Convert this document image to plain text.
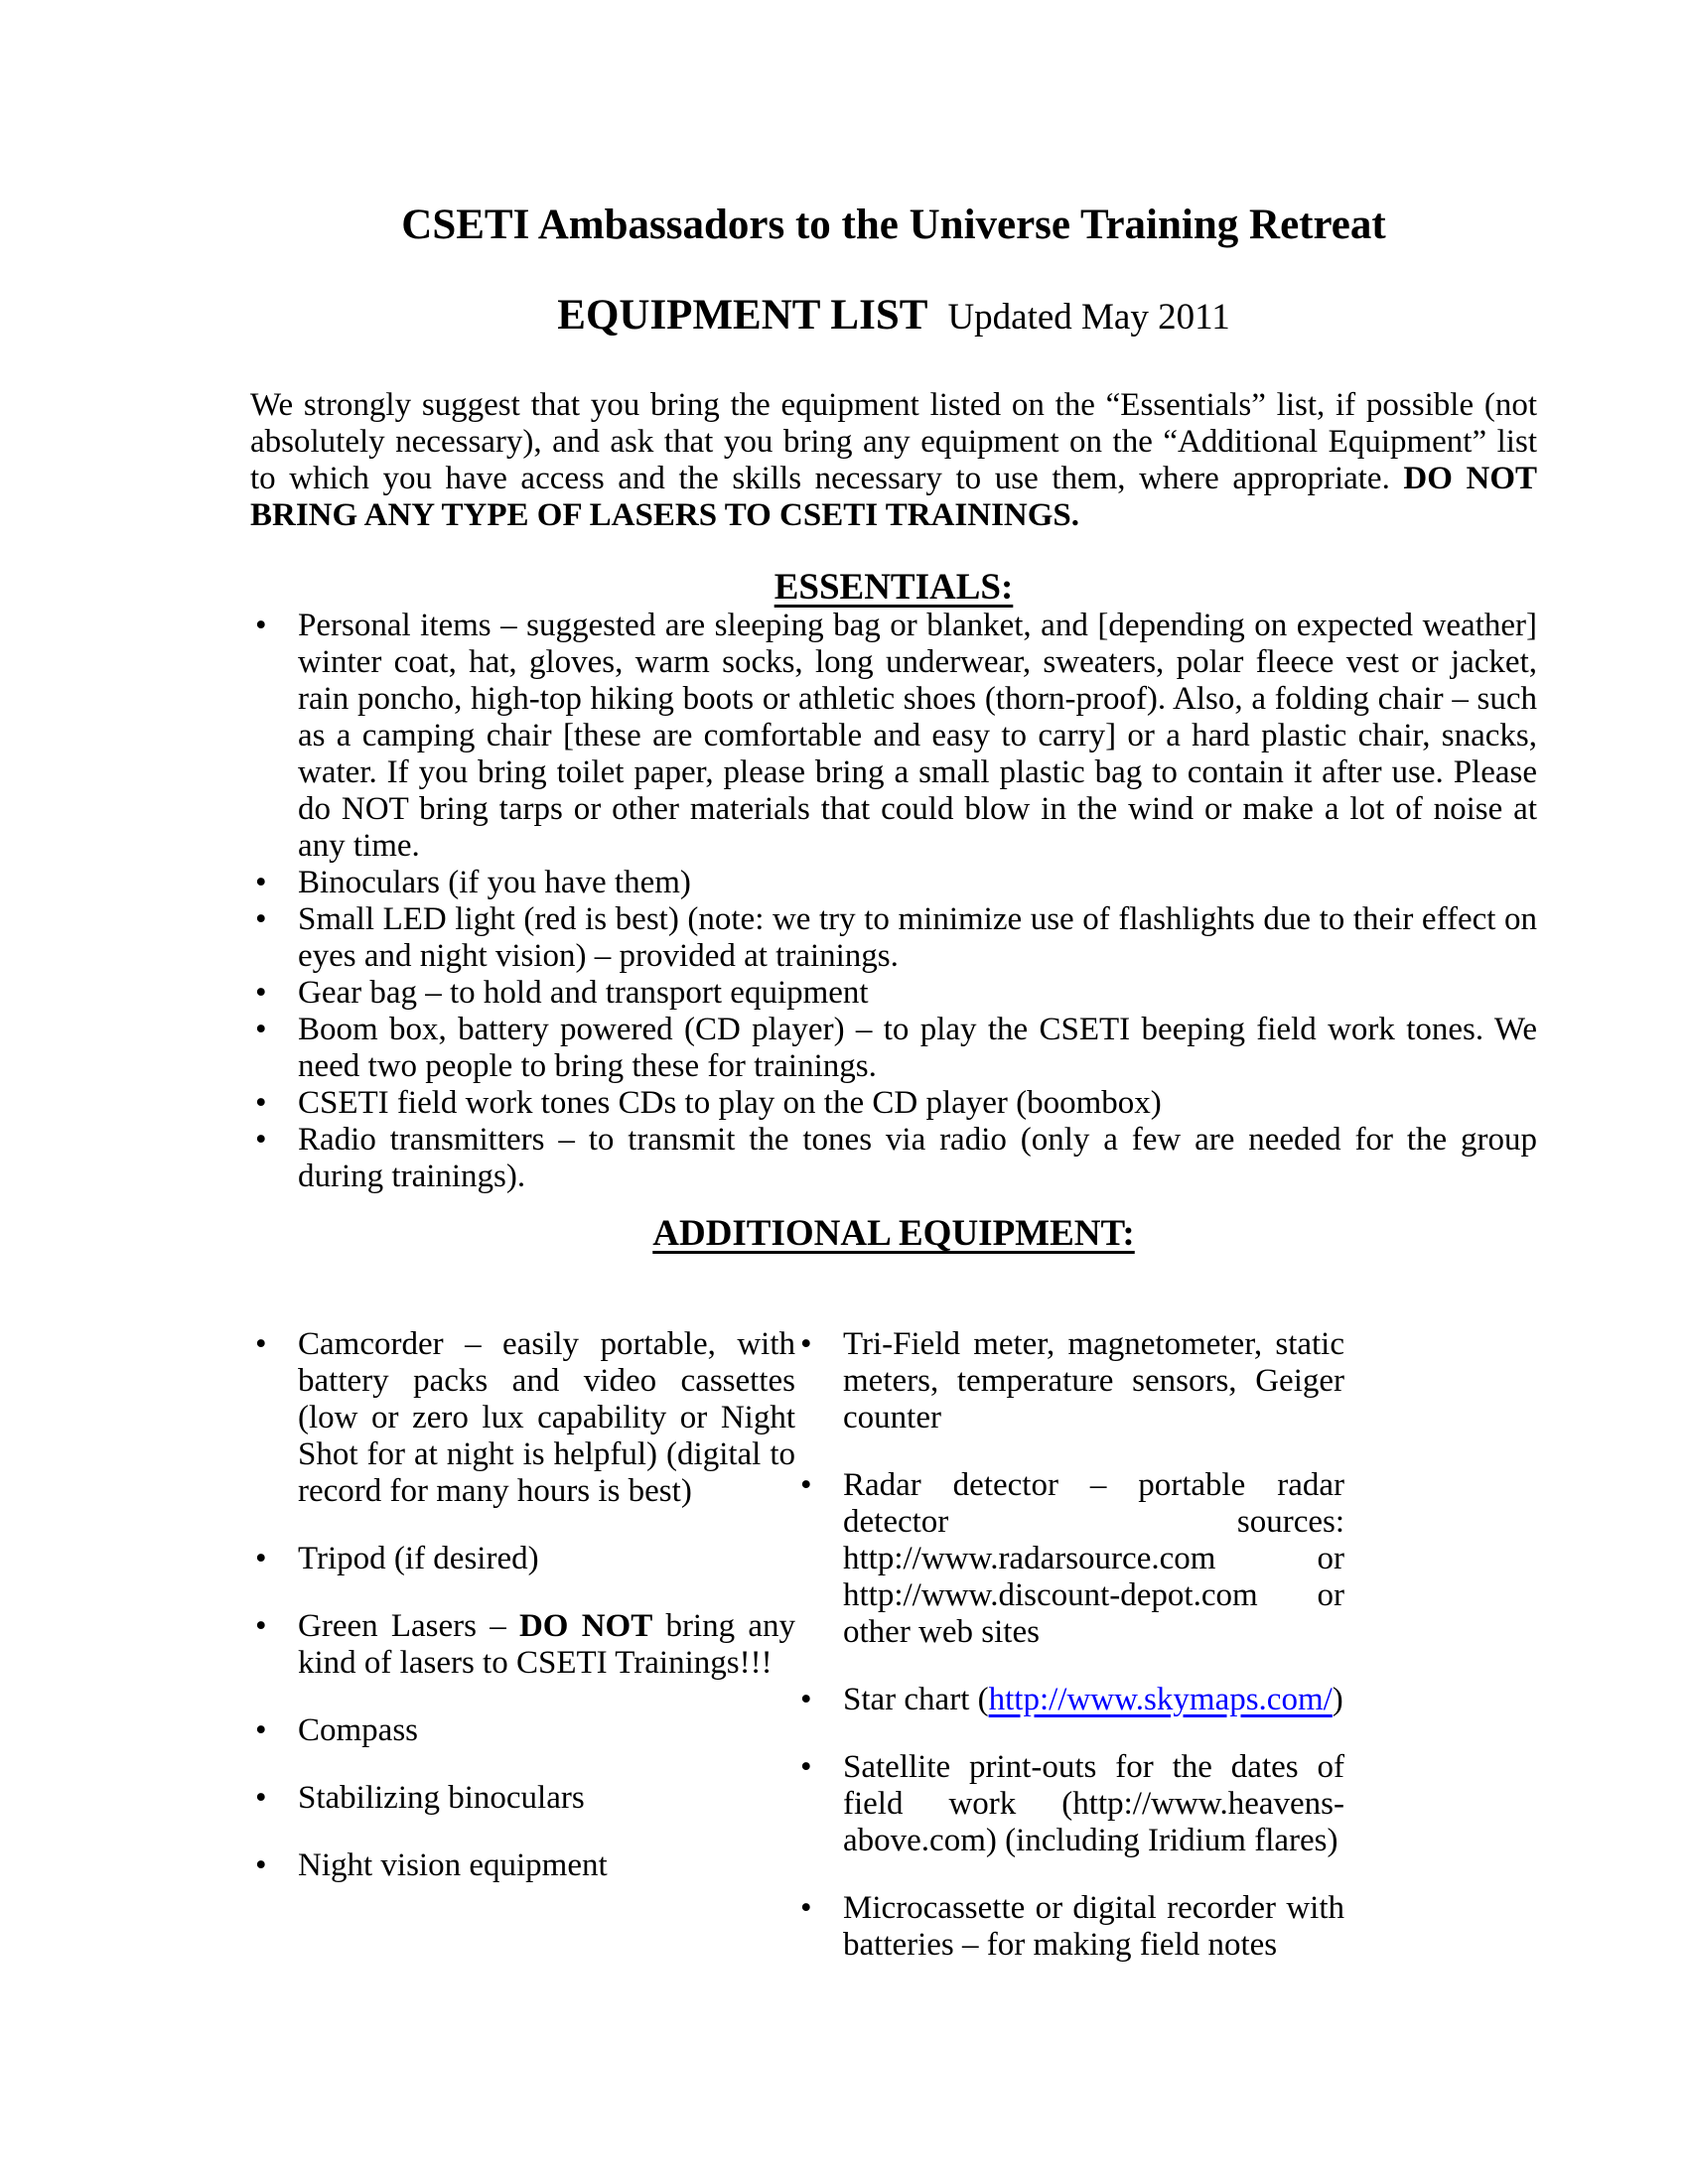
CSETI Ambassadors to the Universe Training Retreat
EQUIPMENT LIST Updated May 2011

We strongly suggest that you bring the equipment listed on the “Essentials” list, if possible (not absolutely necessary), and ask that you bring any equipment on the “Additional Equipment” list to which you have access and the skills necessary to use them, where appropriate. DO NOT BRING ANY TYPE OF LASERS TO CSETI TRAININGS.

ESSENTIALS:
• Personal items – suggested are sleeping bag or blanket, and [depending on expected weather] winter coat, hat, gloves, warm socks, long underwear, sweaters, polar fleece vest or jacket, rain poncho, high-top hiking boots or athletic shoes (thorn-proof). Also, a folding chair – such as a camping chair [these are comfortable and easy to carry] or a hard plastic chair, snacks, water. If you bring toilet paper, please bring a small plastic bag to contain it after use. Please do NOT bring tarps or other materials that could blow in the wind or make a lot of noise at any time.
• Binoculars (if you have them)
• Small LED light (red is best) (note: we try to minimize use of flashlights due to their effect on eyes and night vision) – provided at trainings.
• Gear bag – to hold and transport equipment
• Boom box, battery powered (CD player) – to play the CSETI beeping field work tones. We need two people to bring these for trainings.
• CSETI field work tones CDs to play on the CD player (boombox)
• Radio transmitters – to transmit the tones via radio (only a few are needed for the group during trainings).
ADDITIONAL EQUIPMENT:
• Camcorder – easily portable, with battery packs and video cassettes (low or zero lux capability or Night Shot for at night is helpful) (digital to record for many hours is best)
• Tripod (if desired)
• Green Lasers – DO NOT bring any kind of lasers to CSETI Trainings!!!
• Compass
• Stabilizing binoculars
• Night vision equipment
• Tri-Field meter, magnetometer, static meters, temperature sensors, Geiger counter
• Radar detector – portable radar detector sources: http://www.radarsource.com or http://www.discount-depot.com or other web sites
• Star chart (http://www.skymaps.com/)
• Satellite print-outs for the dates of field work (http://www.heavens-above.com) (including Iridium flares)
• Microcassette or digital recorder with batteries – for making field notes
